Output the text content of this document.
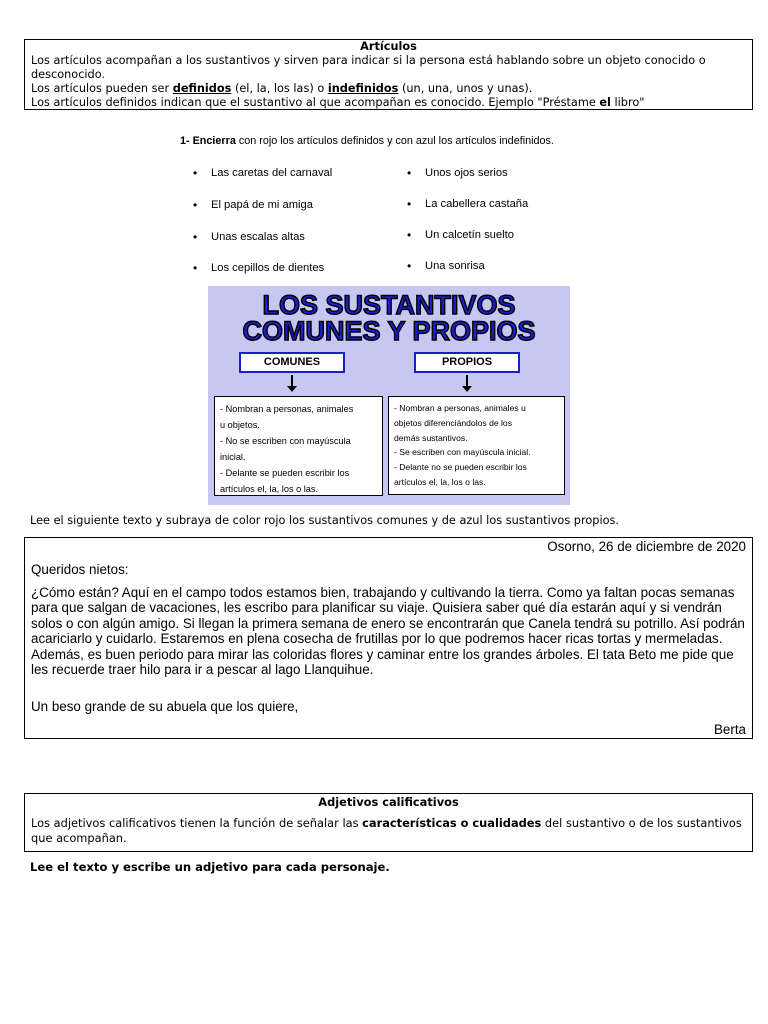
Artículos
Los artículos acompañan a los sustantivos y sirven para indicar si la persona está hablando sobre un objeto conocido o desconocido.
Los artículos pueden ser definidos (el, la, los las) o indefinidos (un, una, unos y unas).
Los artículos definidos indican que el sustantivo al que acompañan es conocido. Ejemplo "Préstame el libro"
1- Encierra con rojo los artículos definidos y con azul los artículos indefinidos.
• Las caretas del carnaval
• El papá de mi amiga
• Unas escalas altas
• Los cepillos de dientes
• Unos ojos serios
• La cabellera castaña
• Un calcetín suelto
• Una sonrisa
LOS SUSTANTIVOS
COMUNES Y PROPIOS
COMUNES	PROPIOS
- Nombran a personas, animales
u objetos.
- No se escriben con mayúscula
inicial.
- Delante se pueden escribir los
artículos el, la, los o las.
- Nombran a personas, animales u
objetos diferenciándolos de los
demás sustantivos.
- Se escriben con mayúscula inicial.
- Delante no se pueden escribir los
artículos el, la, los o las.
Lee el siguiente texto y subraya de color rojo los sustantivos comunes y de azul los sustantivos propios.
Osorno, 26 de diciembre de 2020
Queridos nietos:
¿Cómo están? Aquí en el campo todos estamos bien, trabajando y cultivando la tierra. Como ya faltan pocas semanas para que salgan de vacaciones, les escribo para planificar su viaje. Quisiera saber qué día estarán aquí y si vendrán solos o con algún amigo. Si llegan la primera semana de enero se encontrarán que Canela tendrá su potrillo. Así podrán acariciarlo y cuidarlo. Estaremos en plena cosecha de frutillas por lo que podremos hacer ricas tortas y mermeladas. Además, es buen periodo para mirar las coloridas flores y caminar entre los grandes árboles. El tata Beto me pide que les recuerde traer hilo para ir a pescar al lago Llanquihue.
Un beso grande de su abuela que los quiere,
Berta
Adjetivos calificativos
Los adjetivos calificativos tienen la función de señalar las características o cualidades del sustantivo o de los sustantivos que acompañan.
Lee el texto y escribe un adjetivo para cada personaje.
